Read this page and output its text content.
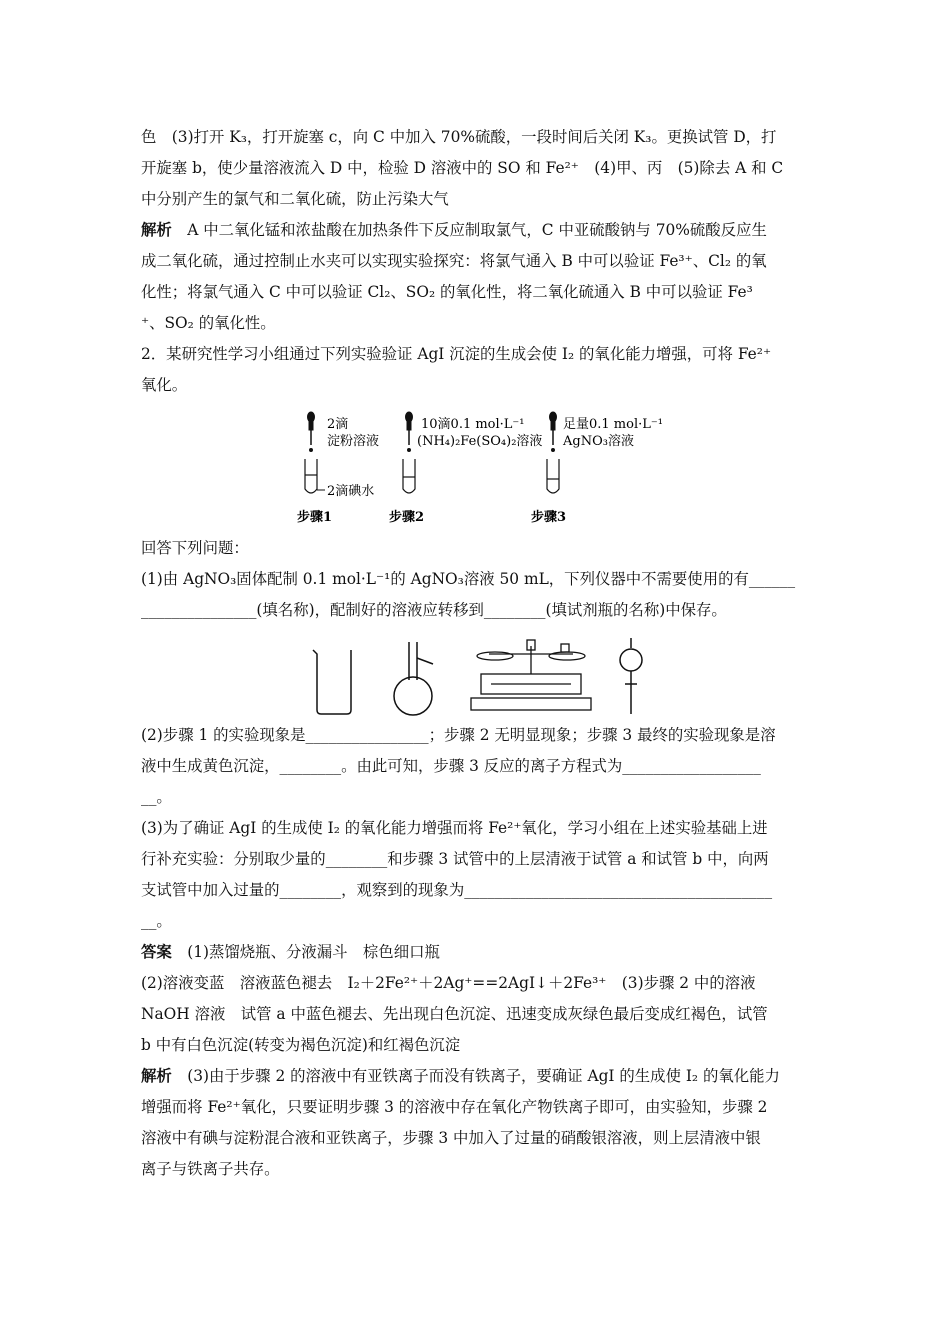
色　(3)打开 K₃，打开旋塞 c，向 C 中加入 70%硫酸，一段时间后关闭 K₃。更换试管 D，打

开旋塞 b，使少量溶液流入 D 中，检验 D 溶液中的 SO 和 Fe²⁺　(4)甲、丙　(5)除去 A 和 C

中分别产生的氯气和二氧化硫，防止污染大气

解析　 A 中二氧化锰和浓盐酸在加热条件下反应制取氯气，C 中亚硫酸钠与 70%硫酸反应生

成二氧化硫，通过控制止水夹可以实现实验探究：将氯气通入 B 中可以验证 Fe³⁺、Cl₂ 的氧

化性；将氯气通入 C 中可以验证 Cl₂、SO₂ 的氧化性，将二氧化硫通入 B 中可以验证 Fe³

⁺、SO₂ 的氧化性。

2．某研究性学习小组通过下列实验验证 AgI 沉淀的生成会使 I₂ 的氧化能力增强，可将 Fe²⁺

氧化。

2滴
淀粉溶液
2滴碘水
10滴0.1 mol·L⁻¹
(NH₄)₂Fe(SO₄)₂溶液
足量0.1 mol·L⁻¹
AgNO₃溶液
步骤1	步骤2	步骤3

回答下列问题：

(1)由 AgNO₃固体配制 0.1 mol·L⁻¹的 AgNO₃溶液 50 mL，下列仪器中不需要使用的有______

_______________(填名称)，配制好的溶液应转移到________(填试剂瓶的名称)中保存。

(2)步骤 1 的实验现象是________________；步骤 2 无明显现象；步骤 3 最终的实验现象是溶

液中生成黄色沉淀，________。由此可知，步骤 3 反应的离子方程式为__________________

__。

(3)为了确证 AgI 的生成使 I₂ 的氧化能力增强而将 Fe²⁺氧化，学习小组在上述实验基础上进

行补充实验：分别取少量的________和步骤 3 试管中的上层清液于试管 a 和试管 b 中，向两

支试管中加入过量的________，观察到的现象为________________________________________

__。

答案　 (1)蒸馏烧瓶、分液漏斗　棕色细口瓶

(2)溶液变蓝　溶液蓝色褪去　I₂＋2Fe²⁺＋2Ag⁺==2AgI↓＋2Fe³⁺　(3)步骤 2 中的溶液

NaOH 溶液　试管 a 中蓝色褪去、先出现白色沉淀、迅速变成灰绿色最后变成红褐色，试管

b 中有白色沉淀(转变为褐色沉淀)和红褐色沉淀

解析　 (3)由于步骤 2 的溶液中有亚铁离子而没有铁离子，要确证 AgI 的生成使 I₂ 的氧化能力

增强而将 Fe²⁺氧化，只要证明步骤 3 的溶液中存在氧化产物铁离子即可，由实验知，步骤 2

溶液中有碘与淀粉混合液和亚铁离子，步骤 3 中加入了过量的硝酸银溶液，则上层清液中银

离子与铁离子共存。
